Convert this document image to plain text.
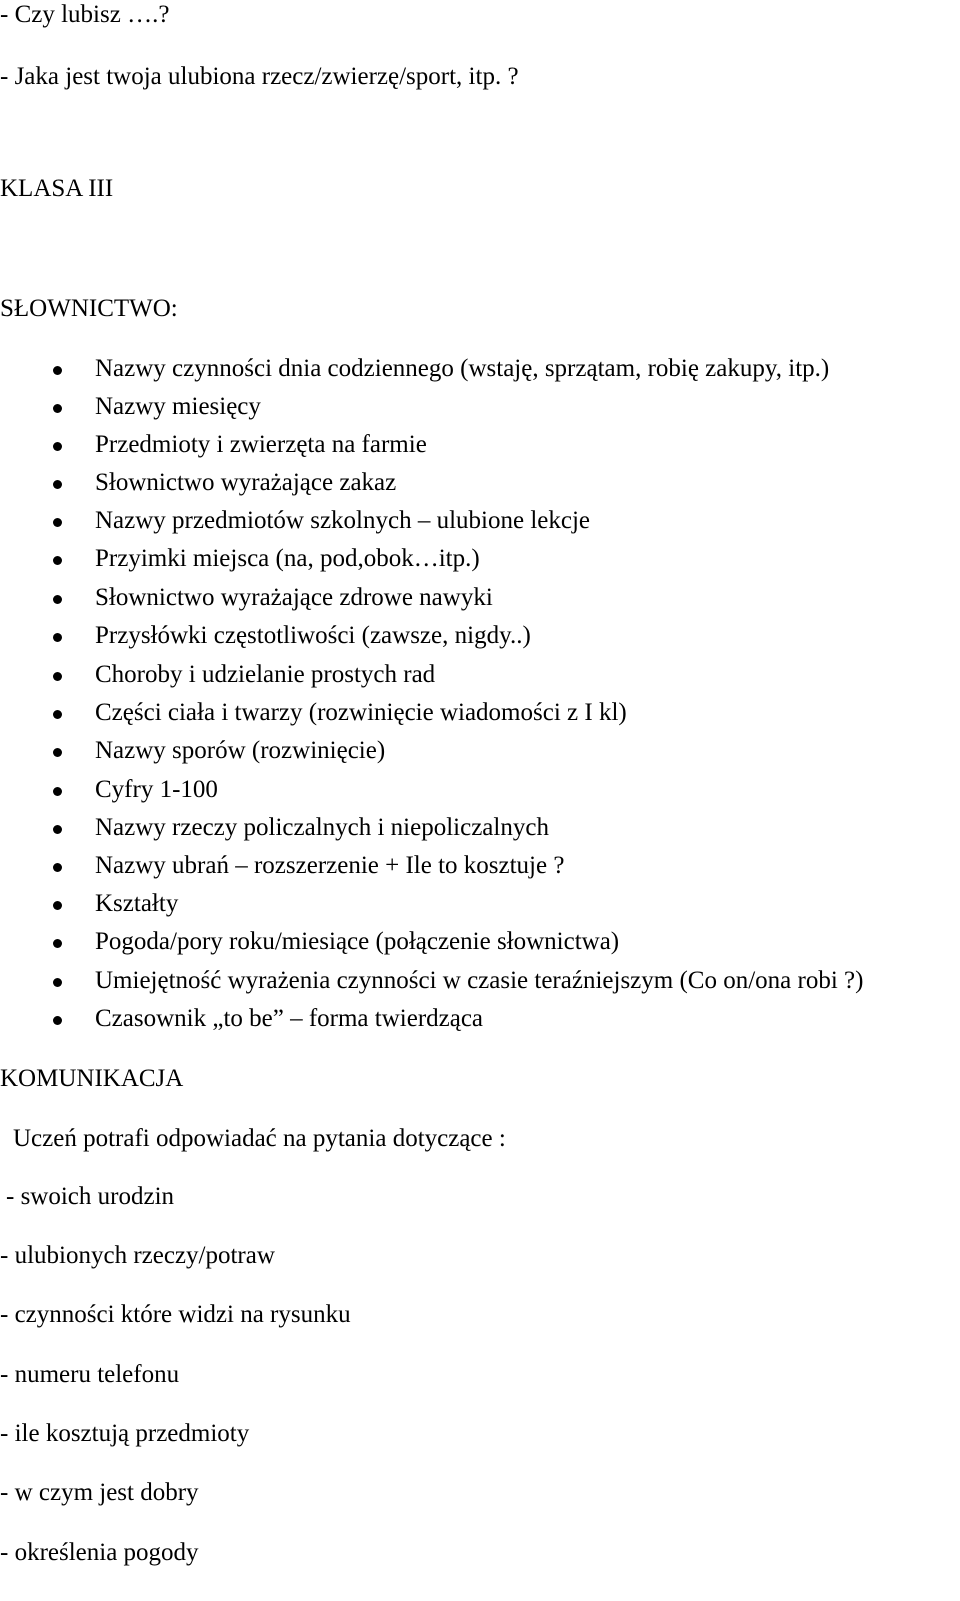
- Czy lubisz ….?

- Jaka jest twoja ulubiona rzecz/zwierzę/sport, itp. ?

KLASA III
SŁOWNICTWO:
Nazwy czynności dnia codziennego (wstaję, sprzątam, robię zakupy, itp.)
Nazwy miesięcy
Przedmioty i zwierzęta na farmie
Słownictwo wyrażające zakaz
Nazwy przedmiotów szkolnych – ulubione lekcje
Przyimki miejsca (na, pod,obok…itp.)
Słownictwo wyrażające zdrowe nawyki
Przysłówki częstotliwości (zawsze, nigdy..)
Choroby i udzielanie prostych rad
Części ciała i twarzy (rozwinięcie wiadomości z I kl)
Nazwy sporów (rozwinięcie)
Cyfry 1-100
Nazwy rzeczy policzalnych i niepoliczalnych
Nazwy ubrań – rozszerzenie + Ile to kosztuje ?
Kształty
Pogoda/pory roku/miesiące (połączenie słownictwa)
Umiejętność wyrażenia czynności w czasie teraźniejszym (Co on/ona robi ?)
Czasownik „to be” – forma twierdząca
KOMUNIKACJA

Uczeń potrafi odpowiadać na pytania dotyczące :

- swoich urodzin

- ulubionych rzeczy/potraw

- czynności które widzi na rysunku

- numeru telefonu

- ile kosztują przedmioty

- w czym jest dobry

- określenia pogody
